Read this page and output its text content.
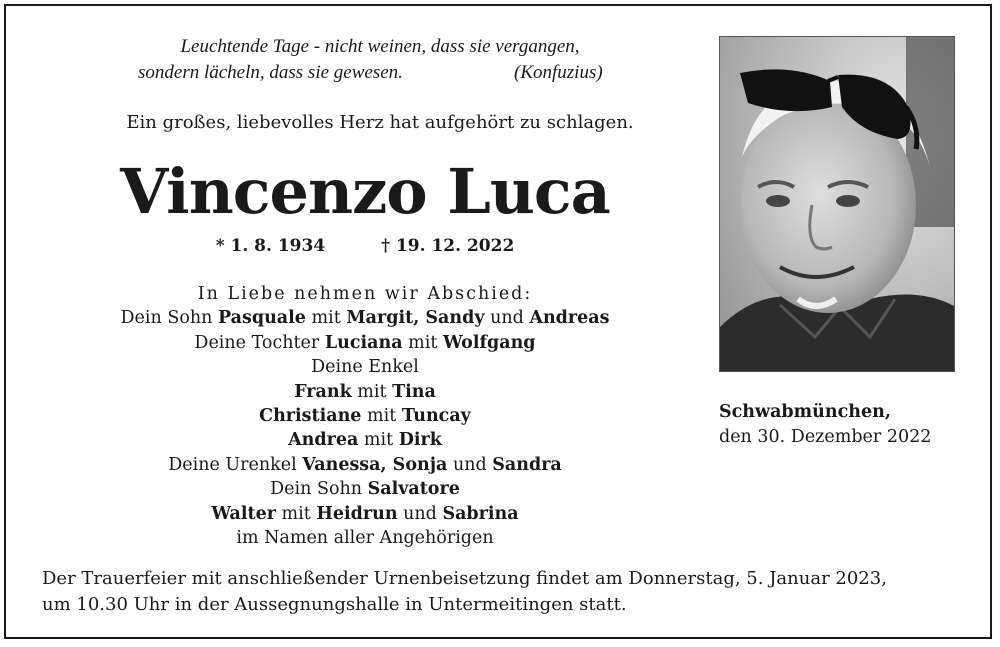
Leuchtende Tage - nicht weinen, dass sie vergangen,
sondern lächeln, dass sie gewesen.	(Konfuzius)
Ein großes, liebevolles Herz hat aufgehört zu schlagen.
Vincenzo Luca
* 1. 8. 1934	† 19. 12. 2022
In Liebe nehmen wir Abschied:
Dein Sohn Pasquale mit Margit, Sandy und Andreas
Deine Tochter Luciana mit Wolfgang
Deine Enkel
Frank mit Tina
Christiane mit Tuncay
Andrea mit Dirk
Deine Urenkel Vanessa, Sonja und Sandra
Dein Sohn Salvatore
Walter mit Heidrun und Sabrina
im Namen aller Angehörigen
Schwabmünchen,
den 30. Dezember 2022
Der Trauerfeier mit anschließender Urnenbeisetzung findet am Donnerstag, 5. Januar 2023,
um 10.30 Uhr in der Aussegnungshalle in Untermeitingen statt.
